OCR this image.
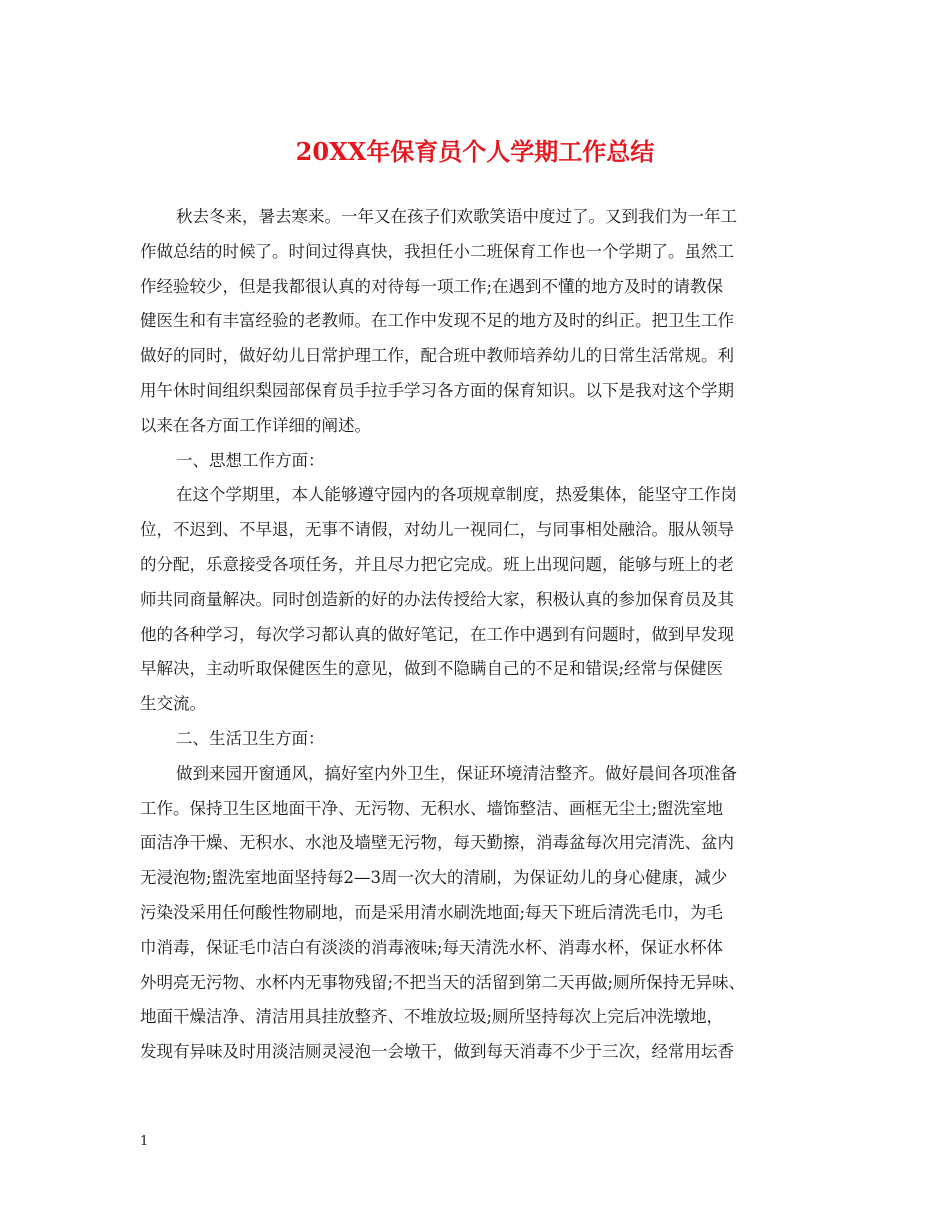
20XX年保育员个人学期工作总结
秋去冬来，暑去寒来。一年又在孩子们欢歌笑语中度过了。又到我们为一年工
作做总结的时候了。时间过得真快，我担任小二班保育工作也一个学期了。虽然工
作经验较少，但是我都很认真的对待每一项工作;在遇到不懂的地方及时的请教保
健医生和有丰富经验的老教师。在工作中发现不足的地方及时的纠正。把卫生工作
做好的同时，做好幼儿日常护理工作，配合班中教师培养幼儿的日常生活常规。利
用午休时间组织梨园部保育员手拉手学习各方面的保育知识。以下是我对这个学期
以来在各方面工作详细的阐述。
一、思想工作方面：
在这个学期里，本人能够遵守园内的各项规章制度，热爱集体，能坚守工作岗
位，不迟到、不早退，无事不请假，对幼儿一视同仁，与同事相处融洽。服从领导
的分配，乐意接受各项任务，并且尽力把它完成。班上出现问题，能够与班上的老
师共同商量解决。同时创造新的好的办法传授给大家，积极认真的参加保育员及其
他的各种学习，每次学习都认真的做好笔记，在工作中遇到有问题时，做到早发现
早解决，主动听取保健医生的意见，做到不隐瞒自己的不足和错误;经常与保健医
生交流。
二、生活卫生方面：
做到来园开窗通风，搞好室内外卫生，保证环境清洁整齐。做好晨间各项准备
工作。保持卫生区地面干净、无污物、无积水、墙饰整洁、画框无尘土;盥洗室地
面洁净干燥、无积水、水池及墙壁无污物，每天勤擦，消毒盆每次用完清洗、盆内
无浸泡物;盥洗室地面坚持每2—3周一次大的清刷，为保证幼儿的身心健康，减少
污染没采用任何酸性物刷地，而是采用清水刷洗地面;每天下班后清洗毛巾，为毛
巾消毒，保证毛巾洁白有淡淡的消毒液味;每天清洗水杯、消毒水杯，保证水杯体
外明亮无污物、水杯内无事物残留;不把当天的活留到第二天再做;厕所保持无异味、
地面干燥洁净、清洁用具挂放整齐、不堆放垃圾;厕所坚持每次上完后冲洗墩地，
发现有异味及时用淡洁厕灵浸泡一会墩干，做到每天消毒不少于三次，经常用坛香
1
